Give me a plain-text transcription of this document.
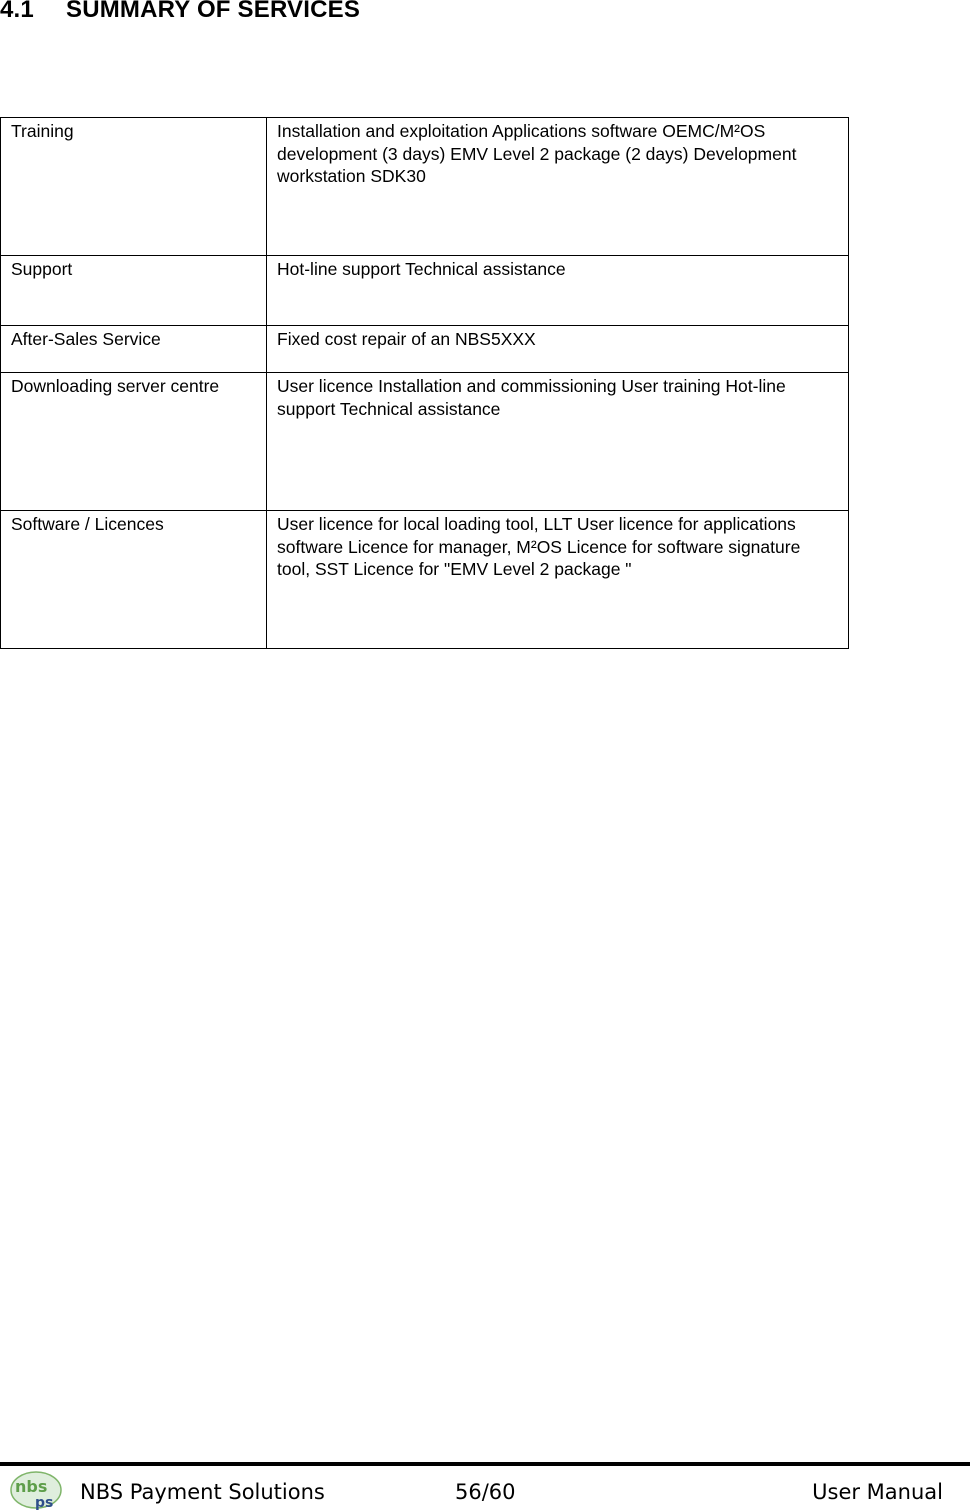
4.1 SUMMARY OF SERVICES
Training	Installation and exploitation Applications software OEMC/M²OS development (3 days) EMV Level 2 package (2 days) Development workstation SDK30
Support	Hot-line support Technical assistance
After-Sales Service	Fixed cost repair of an NBS5XXX
Downloading server centre	User licence Installation and commissioning User training Hot-line support Technical assistance
Software / Licences	User licence for local loading tool, LLT User licence for applications software Licence for manager, M²OS Licence for software signature tool, SST Licence for "EMV Level 2 package "
nbs
ps NBS Payment Solutions	56/60	User Manual
